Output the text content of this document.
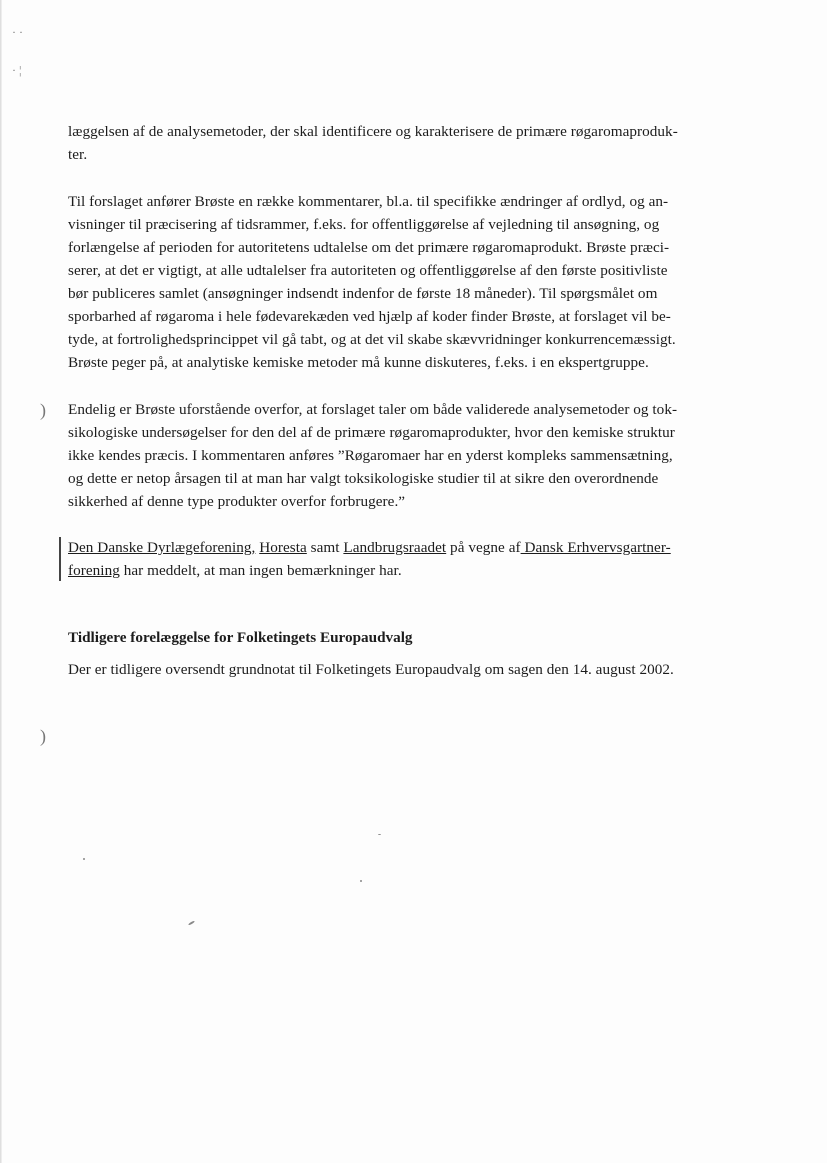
· ·
· ¦
)
)
læggelsen af de analysemetoder, der skal identificere og karakterisere de primære røgaromaproduk-
ter.
Til forslaget anfører Brøste en række kommentarer, bl.a. til specifikke ændringer af ordlyd, og an-
visninger til præcisering af tidsrammer, f.eks. for offentliggørelse af vejledning til ansøgning, og
forlængelse af perioden for autoritetens udtalelse om det primære røgaromaprodukt. Brøste præci-
serer, at det er vigtigt, at alle udtalelser fra autoriteten og offentliggørelse af den første positivliste
bør publiceres samlet (ansøgninger indsendt indenfor de første 18 måneder). Til spørgsmålet om
sporbarhed af røgaroma i hele fødevarekæden ved hjælp af koder finder Brøste, at forslaget vil be-
tyde, at fortrolighedsprincippet vil gå tabt, og at det vil skabe skævvridninger konkurrencemæssigt.
Brøste peger på, at analytiske kemiske metoder må kunne diskuteres, f.eks. i en ekspertgruppe.
Endelig er Brøste uforstående overfor, at forslaget taler om både validerede analysemetoder og tok-
sikologiske undersøgelser for den del af de primære røgaromaprodukter, hvor den kemiske struktur
ikke kendes præcis. I kommentaren anføres ”Røgaromaer har en yderst kompleks sammensætning,
og dette er netop årsagen til at man har valgt toksikologiske studier til at sikre den overordnende
sikkerhed af denne type produkter overfor forbrugere.”
Den Danske Dyrlægeforening, Horesta samt Landbrugsraadet på vegne af Dansk Erhvervsgartner-
forening har meddelt, at man ingen bemærkninger har.
Tidligere forelæggelse for Folketingets Europaudvalg
Der er tidligere oversendt grundnotat til Folketingets Europaudvalg om sagen den 14. august 2002.
